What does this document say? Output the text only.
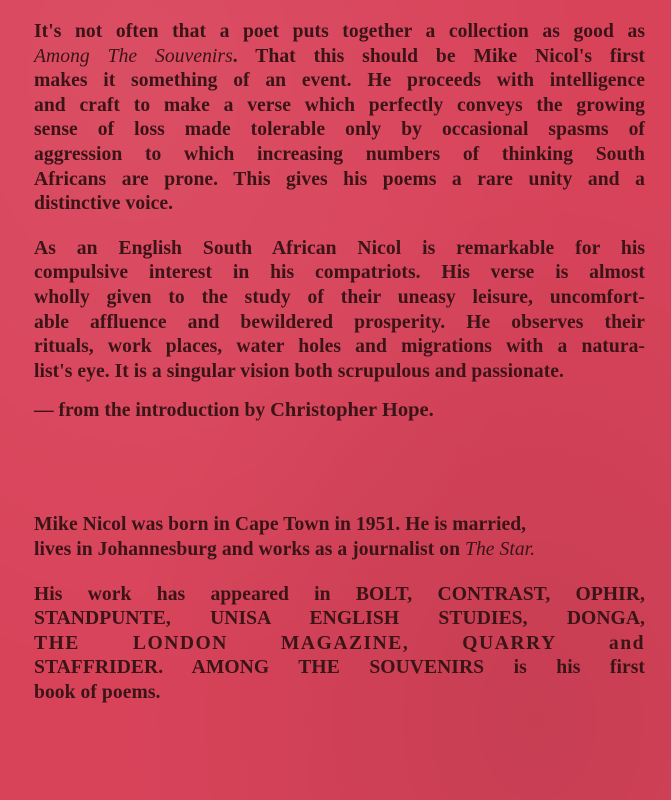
It's not often that a poet puts together a collection as good as
Among The Souvenirs. That this should be Mike Nicol's first
makes it something of an event. He proceeds with intelligence
and craft to make a verse which perfectly conveys the growing
sense of loss made tolerable only by occasional spasms of
aggression to which increasing numbers of thinking South
Africans are prone. This gives his poems a rare unity and a
distinctive voice.

As an English South African Nicol is remarkable for his
compulsive interest in his compatriots. His verse is almost
wholly given to the study of their uneasy leisure, uncomfort-
able affluence and bewildered prosperity. He observes their
rituals, work places, water holes and migrations with a natura-
list's eye. It is a singular vision both scrupulous and passionate.

— from the introduction by Christopher Hope.

Mike Nicol was born in Cape Town in 1951. He is married,
lives in Johannesburg and works as a journalist on The Star.

His work has appeared in BOLT, CONTRAST, OPHIR,
STANDPUNTE, UNISA ENGLISH STUDIES, DONGA,
THE LONDON MAGAZINE, QUARRY and
STAFFRIDER. AMONG THE SOUVENIRS is his first
book of poems.
